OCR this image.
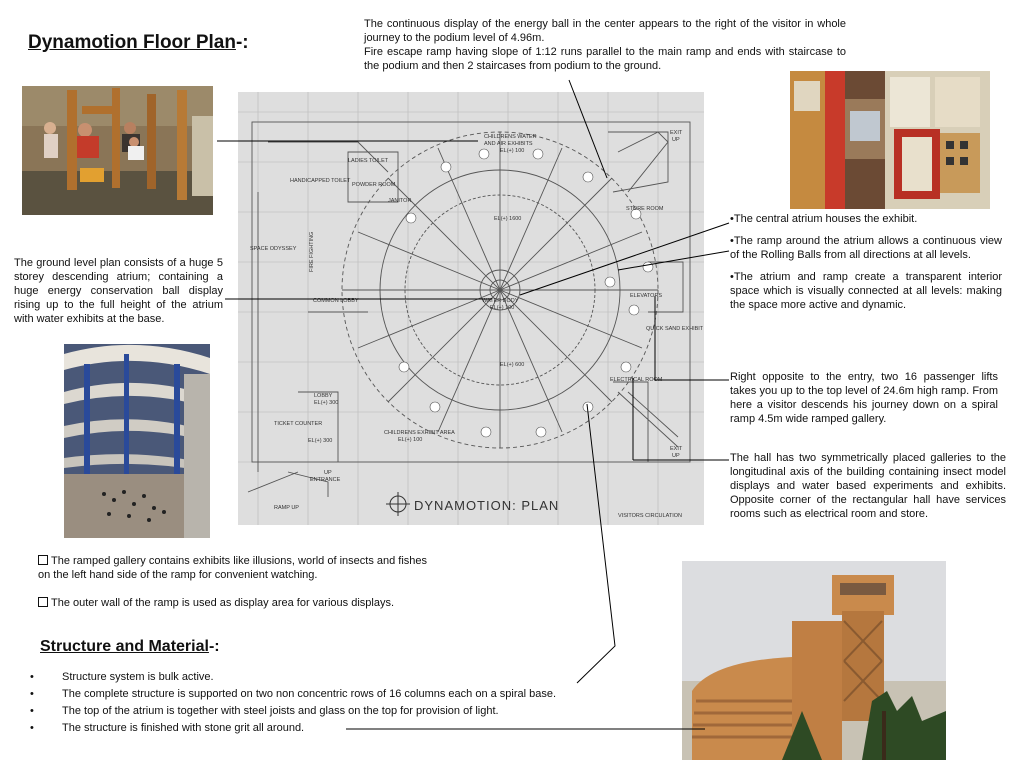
Dynamotion Floor Plan-:
The continuous display of the energy ball in the center appears to the right of the visitor in whole journey to the podium level of 4.96m.
Fire escape ramp having slope of 1:12 runs parallel to the main ramp and ends with staircase to the podium and then 2 staircases from podium to the ground.
The ground level plan consists of a huge 5 storey descending atrium; containing a huge energy conservation ball display rising up to the full height of the atrium with water exhibits at the base.
CHILDRENS WATER
AND AIR EXHIBITS
EL(+) 100
EXIT
UP
LADIES TOILET
HANDICAPPED TOILET
POWDER ROOM
JANITOR
STORE ROOM
SPACE ODYSSEY
COMMON LOBBY
EL(+) 1600
WATER BODY
EL(+) 100
EL(+) 600
ELEVATORS
QUICK SAND EXHIBIT
ELECTRICAL ROOM
LOBBY
EL(+) 300
TICKET COUNTER
EL(+) 300
CHILDRENS EXHIBIT AREA
EL(+) 100
UP
ENTRANCE
RAMP UP
EXIT
UP
VISITORS CIRCULATION
FIRE FIGHTING
DYNAMOTION: PLAN
•The central atrium houses the exhibit.
•The ramp around the atrium allows a continuous view of the Rolling Balls from all directions at all levels.
•The atrium and ramp create a transparent interior space which is visually connected at all levels: making the space more active and dynamic.
Right opposite to the entry, two 16 passenger lifts takes you up to the top level of 24.6m high ramp. From here a visitor descends his journey down on a spiral ramp 4.5m wide ramped gallery.
The hall has two symmetrically placed galleries to the longitudinal axis of the building containing insect model displays and water based experiments and exhibits. Opposite corner of the rectangular hall have services rooms such as electrical room and store.
The ramped gallery contains exhibits like illusions, world of insects and fishes on the left hand side of the ramp for convenient watching.
The outer wall of the ramp is used as display area for various displays.
Structure and Material-:
• Structure system is bulk active.
• The complete structure is supported on two non concentric rows of 16 columns each on a spiral base.
• The top of the atrium is together with steel joists and glass on the top for provision of light.
• The structure is finished with stone grit all around.
